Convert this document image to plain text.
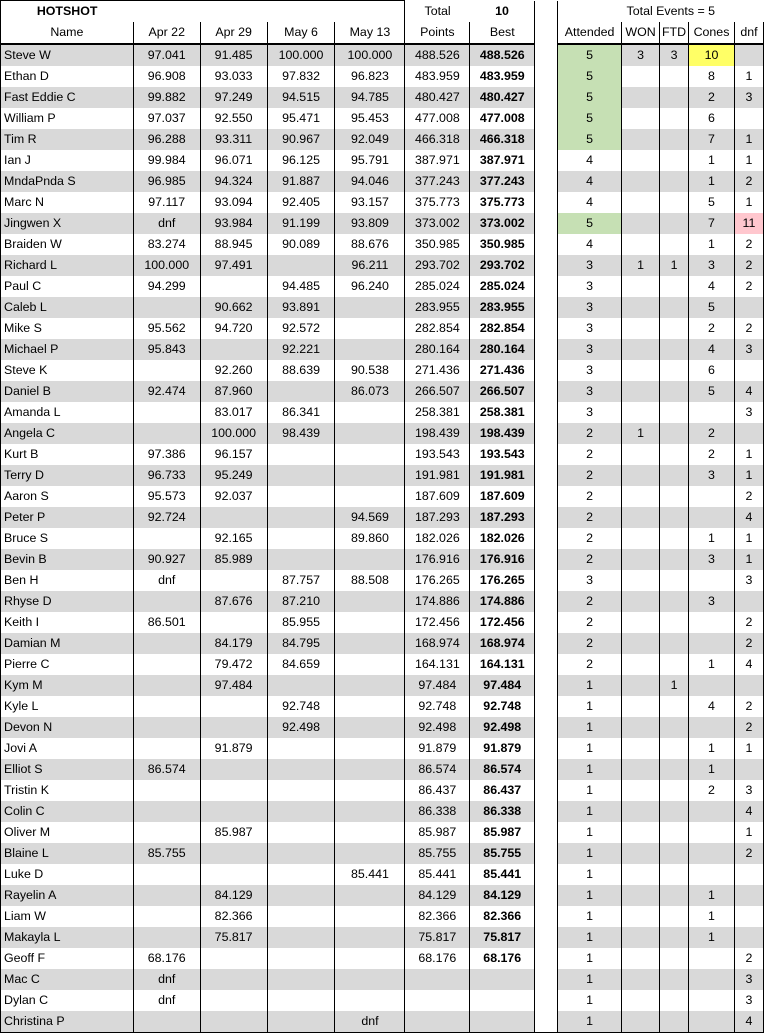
HOTSHOT					Total	10		Total Events = 5				
Name	Apr 22	Apr 29	May 6	May 13	Points	Best		Attended	WON	FTD	Cones	dnf
Steve W	97.041	91.485	100.000	100.000	488.526	488.526		5	3	3	10	
Ethan D	96.908	93.033	97.832	96.823	483.959	483.959		5			8	1
Fast Eddie C	99.882	97.249	94.515	94.785	480.427	480.427		5			2	3
William P	97.037	92.550	95.471	95.453	477.008	477.008		5			6	
Tim R	96.288	93.311	90.967	92.049	466.318	466.318		5			7	1
Ian J	99.984	96.071	96.125	95.791	387.971	387.971		4			1	1
MndaPnda S	96.985	94.324	91.887	94.046	377.243	377.243		4			1	2
Marc N	97.117	93.094	92.405	93.157	375.773	375.773		4			5	1
Jingwen X	dnf	93.984	91.199	93.809	373.002	373.002		5			7	11
Braiden W	83.274	88.945	90.089	88.676	350.985	350.985		4			1	2
Richard L	100.000	97.491		96.211	293.702	293.702		3	1	1	3	2
Paul C	94.299		94.485	96.240	285.024	285.024		3			4	2
Caleb L		90.662	93.891		283.955	283.955		3			5	
Mike S	95.562	94.720	92.572		282.854	282.854		3			2	2
Michael P	95.843		92.221		280.164	280.164		3			4	3
Steve K		92.260	88.639	90.538	271.436	271.436		3			6	
Daniel B	92.474	87.960		86.073	266.507	266.507		3			5	4
Amanda L		83.017	86.341		258.381	258.381		3				3
Angela C		100.000	98.439		198.439	198.439		2	1		2	
Kurt B	97.386	96.157			193.543	193.543		2			2	1
Terry D	96.733	95.249			191.981	191.981		2			3	1
Aaron S	95.573	92.037			187.609	187.609		2				2
Peter P	92.724			94.569	187.293	187.293		2				4
Bruce S		92.165		89.860	182.026	182.026		2			1	1
Bevin B	90.927	85.989			176.916	176.916		2			3	1
Ben H	dnf		87.757	88.508	176.265	176.265		3				3
Rhyse D		87.676	87.210		174.886	174.886		2			3	
Keith I	86.501		85.955		172.456	172.456		2				2
Damian M		84.179	84.795		168.974	168.974		2				2
Pierre C		79.472	84.659		164.131	164.131		2			1	4
Kym M		97.484			97.484	97.484		1		1		
Kyle L			92.748		92.748	92.748		1			4	2
Devon N			92.498		92.498	92.498		1				2
Jovi A		91.879			91.879	91.879		1			1	1
Elliot S	86.574				86.574	86.574		1			1	
Tristin K					86.437	86.437		1			2	3
Colin C					86.338	86.338		1				4
Oliver M		85.987			85.987	85.987		1				1
Blaine L	85.755				85.755	85.755		1				2
Luke D				85.441	85.441	85.441		1				
Rayelin A		84.129			84.129	84.129		1			1	
Liam W		82.366			82.366	82.366		1			1	
Makayla L		75.817			75.817	75.817		1			1	
Geoff F	68.176				68.176	68.176		1				2
Mac C	dnf							1				3
Dylan C	dnf							1				3
Christina P				dnf				1				4
